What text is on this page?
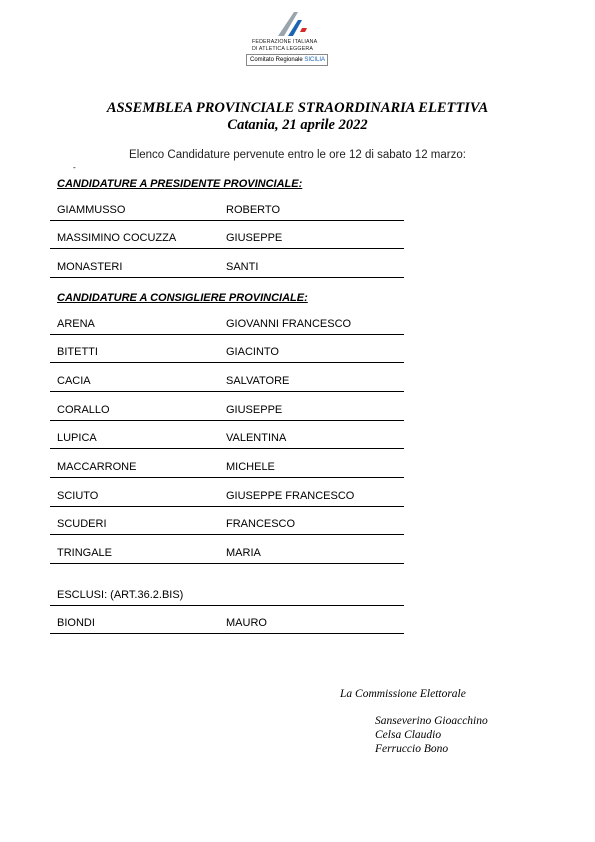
FEDERAZIONE ITALIANA
DI ATLETICA LEGGERA
Comitato Regionale SICILIA
ASSEMBLEA PROVINCIALE STRAORDINARIA ELETTIVA
Catania, 21 aprile 2022
Elenco Candidature pervenute entro le ore 12 di sabato 12 marzo:
-
CANDIDATURE A PRESIDENTE PROVINCIALE:
GIAMMUSSO	ROBERTO
MASSIMINO COCUZZA	GIUSEPPE
MONASTERI	SANTI
CANDIDATURE A CONSIGLIERE PROVINCIALE:
ARENA	GIOVANNI FRANCESCO
BITETTI	GIACINTO
CACIA	SALVATORE
CORALLO	GIUSEPPE
LUPICA	VALENTINA
MACCARRONE	MICHELE
SCIUTO	GIUSEPPE FRANCESCO
SCUDERI	FRANCESCO
TRINGALE	MARIA
ESCLUSI: (ART.36.2.BIS)
BIONDI	MAURO
La Commissione Elettorale
Sanseverino Gioacchino
Celsa Claudio
Ferruccio Bono
